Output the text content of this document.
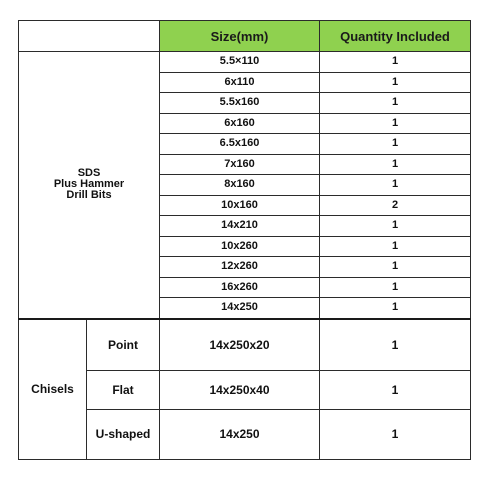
		Size(mm)	Quantity Included

SDS
Plus Hammer
Drill Bits		5.5×110	1
		6x110	1
		5.5x160	1
		6x160	1
		6.5x160	1
		7x160	1
		8x160	1
		10x160	2
		14x210	1
		10x260	1
		12x260	1
		16x260	1
		14x250	1
Chisels	Point	14x250x20	1
	Flat	14x250x40	1
	U-shaped	14x250	1
